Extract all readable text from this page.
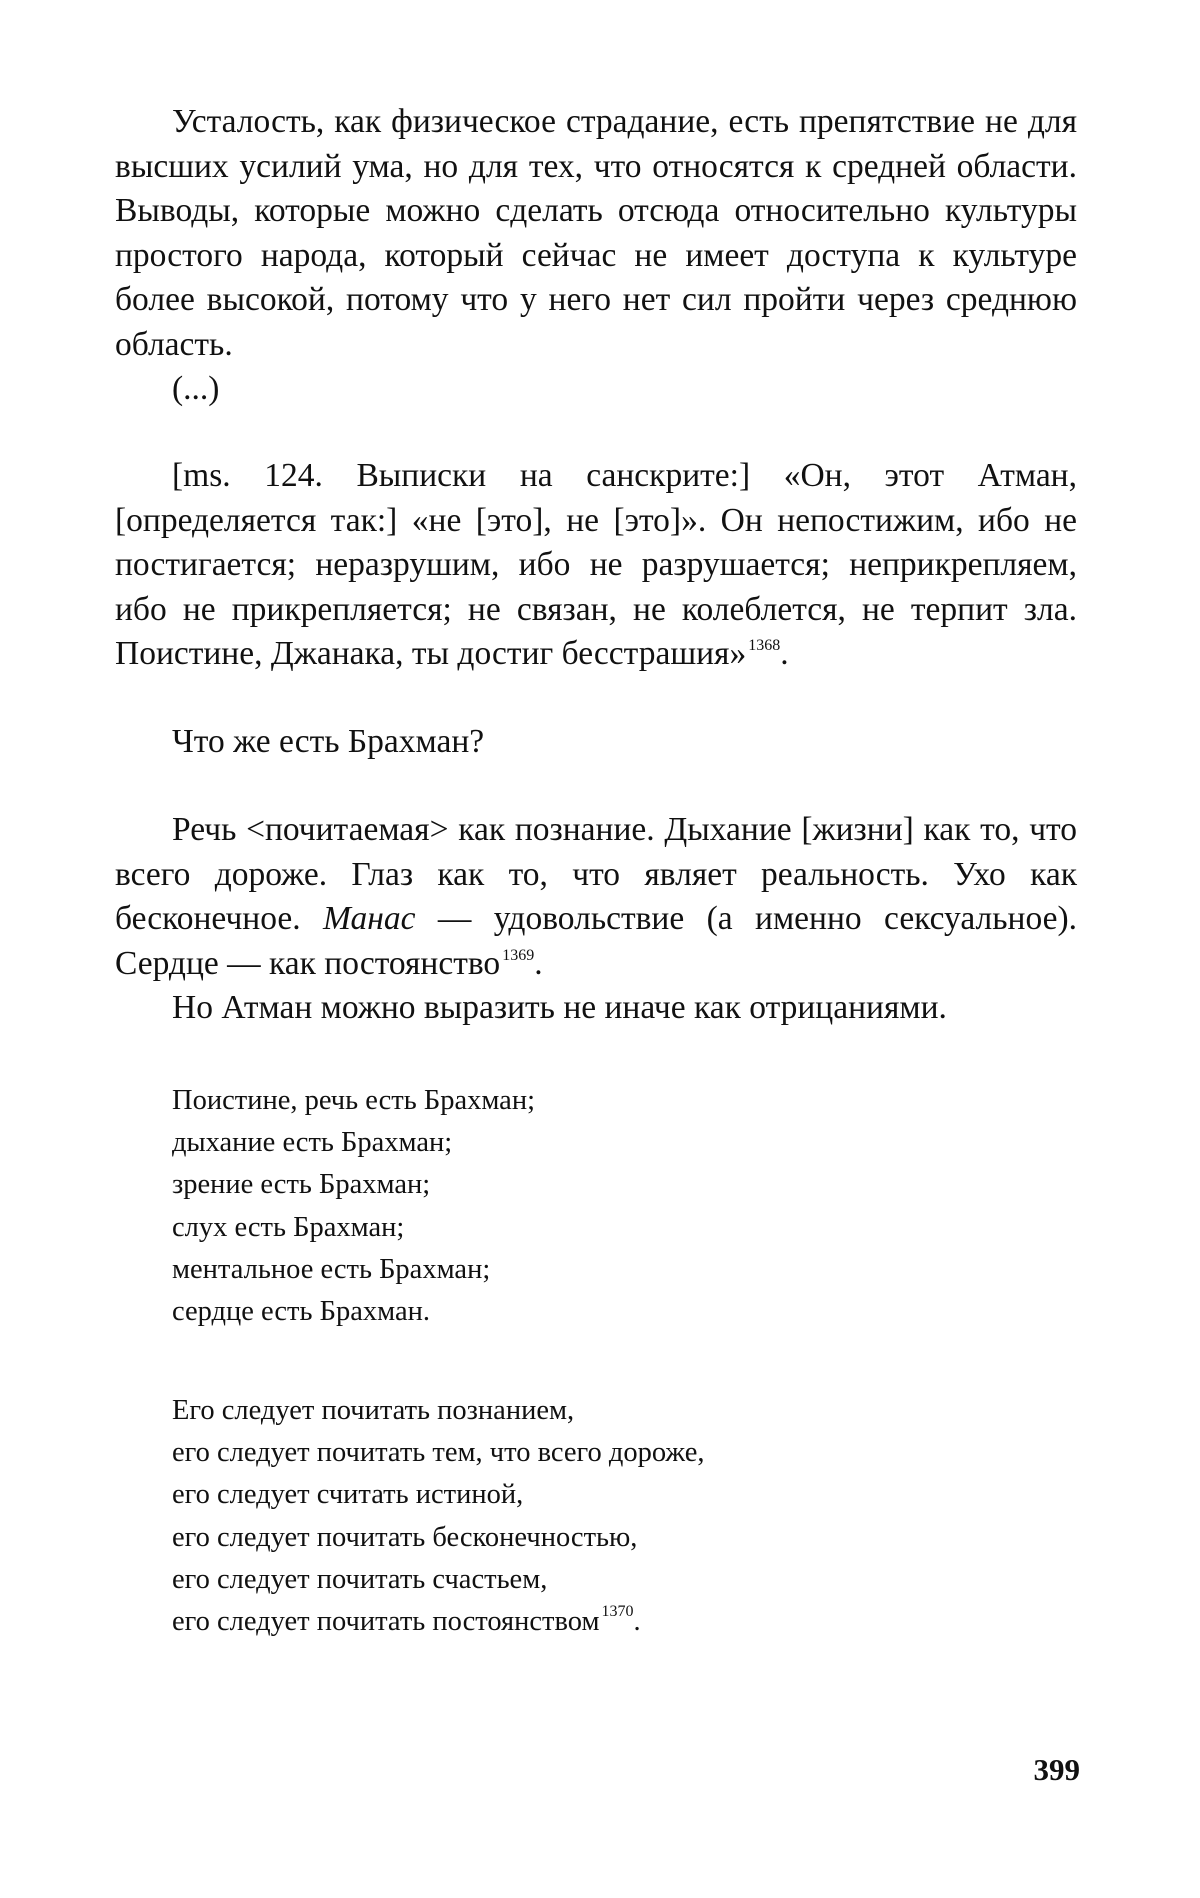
Усталость, как физическое страдание, есть препятствие не для высших усилий ума, но для тех, что относятся к средней области. Выводы, которые можно сделать отсюда относительно культуры простого народа, который сейчас не имеет доступа к культуре более высокой, потому что у него нет сил пройти через среднюю область.

(...)

[ms. 124. Выписки на санскрите:] «Он, этот Атман, [определяется так:] «не [это], не [это]». Он непостижим, ибо не постигается; неразрушим, ибо не разрушается; неприкрепляем, ибо не прикрепляется; не связан, не колеблется, не терпит зла. Поистине, Джанака, ты достиг бесстрашия» $^{1368}$.

Что же есть Брахман?

Речь <почитаемая> как познание. Дыхание [жизни] как то, что всего дороже. Глаз как то, что являет реальность. Ухо как бесконечное. Манас — удовольствие (а именно сексуальное). Сердце — как постоянство $^{1369}$.

Но Атман можно выразить не иначе как отрицаниями.

Поистине, речь есть Брахман;
дыхание есть Брахман;
зрение есть Брахман;
слух есть Брахман;
ментальное есть Брахман;
сердце есть Брахман.
Его следует почитать познанием,
его следует почитать тем, что всего дороже,
его следует считать истиной,
его следует почитать бесконечностью,
его следует почитать счастьем,
его следует почитать постоянством $^{1370}$.
399
